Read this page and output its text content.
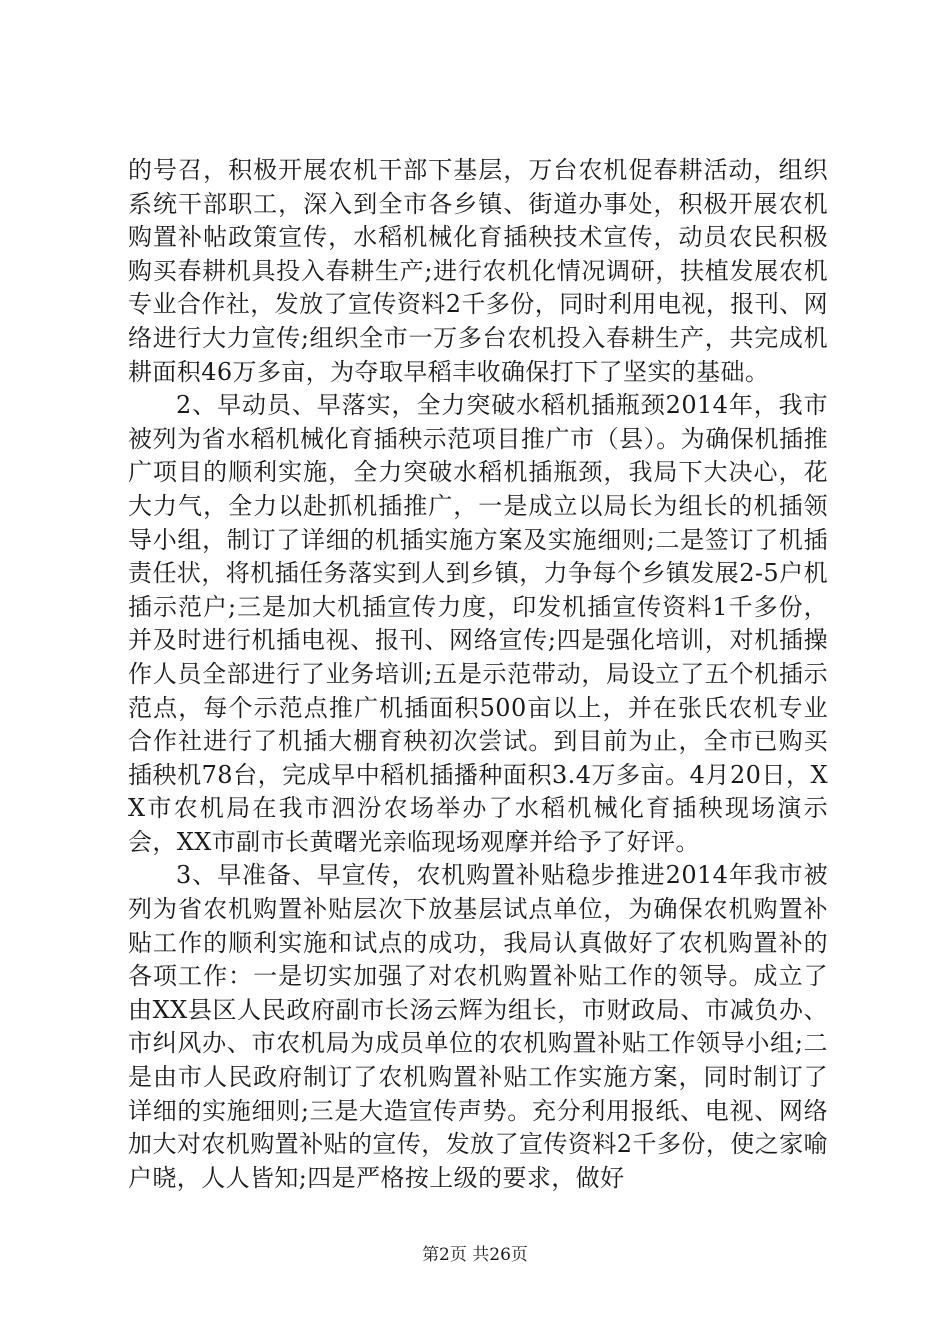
的号召，积极开展农机干部下基层，万台农机促春耕活动，组织系统干部职工，深入到全市各乡镇、街道办事处，积极开展农机购置补帖政策宣传，水稻机械化育插秧技术宣传，动员农民积极购买春耕机具投入春耕生产;进行农机化情况调研，扶植发展农机专业合作社，发放了宣传资料2千多份，同时利用电视，报刊、网络进行大力宣传;组织全市一万多台农机投入春耕生产，共完成机耕面积46万多亩，为夺取早稻丰收确保打下了坚实的基础。

2、早动员、早落实，全力突破水稻机插瓶颈2014年，我市被列为省水稻机械化育插秧示范项目推广市（县）。为确保机插推广项目的顺利实施，全力突破水稻机插瓶颈，我局下大决心，花大力气，全力以赴抓机插推广，一是成立以局长为组长的机插领导小组，制订了详细的机插实施方案及实施细则;二是签订了机插责任状，将机插任务落实到人到乡镇，力争每个乡镇发展2-5户机插示范户;三是加大机插宣传力度，印发机插宣传资料1千多份，并及时进行机插电视、报刊、网络宣传;四是强化培训，对机插操作人员全部进行了业务培训;五是示范带动，局设立了五个机插示范点，每个示范点推广机插面积500亩以上，并在张氏农机专业合作社进行了机插大棚育秧初次尝试。到目前为止，全市已购买插秧机78台，完成早中稻机插播种面积3.4万多亩。4月20日，XX市农机局在我市泗汾农场举办了水稻机械化育插秧现场演示会，XX市副市长黄曙光亲临现场观摩并给予了好评。

3、早准备、早宣传，农机购置补贴稳步推进2014年我市被列为省农机购置补贴层次下放基层试点单位，为确保农机购置补贴工作的顺利实施和试点的成功，我局认真做好了农机购置补的各项工作：一是切实加强了对农机购置补贴工作的领导。成立了由XX县区人民政府副市长汤云辉为组长，市财政局、市减负办、市纠风办、市农机局为成员单位的农机购置补贴工作领导小组;二是由市人民政府制订了农机购置补贴工作实施方案，同时制订了详细的实施细则;三是大造宣传声势。充分利用报纸、电视、网络加大对农机购置补贴的宣传，发放了宣传资料2千多份，使之家喻户晓，人人皆知;四是严格按上级的要求，做好

第2页 共26页
